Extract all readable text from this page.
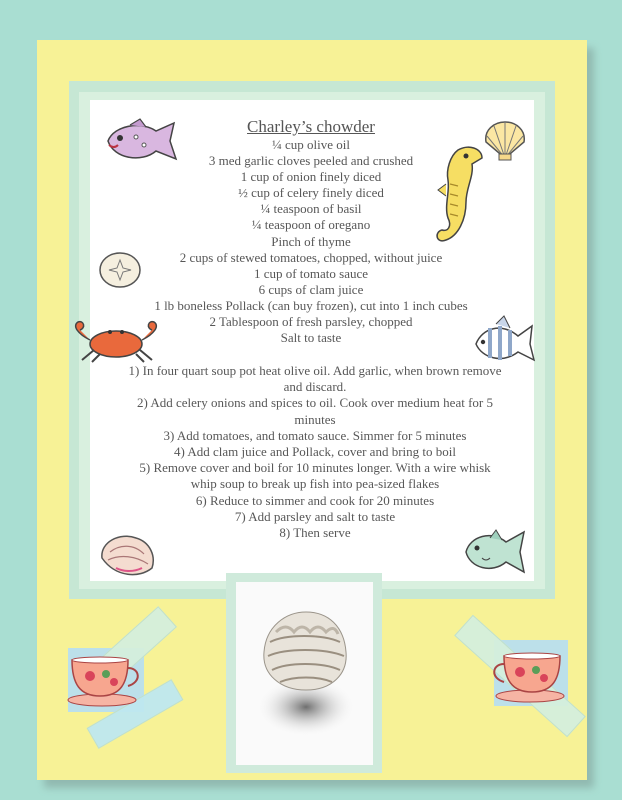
Charley’s chowder
¼ cup olive oil
3 med garlic cloves peeled and crushed
1 cup of onion finely diced
½ cup of celery finely diced
¼ teaspoon of basil
¼ teaspoon of oregano
Pinch of thyme
2 cups of stewed tomatoes, chopped, without juice
1 cup of tomato sauce
6 cups of clam juice
1 lb boneless Pollack (can buy frozen), cut into 1 inch cubes
2 Tablespoon of fresh parsley, chopped
Salt to taste

1) In four quart soup pot heat olive oil. Add garlic, when brown remove and discard.

2) Add celery onions and spices to oil. Cook over medium heat for 5 minutes

3) Add tomatoes, and tomato sauce. Simmer for 5 minutes

4) Add clam juice and Pollack, cover and bring to boil

5) Remove cover and boil for 10 minutes longer. With a wire whisk whip soup to break up fish into pea-sized flakes

6) Reduce to simmer and cook for 20 minutes

7) Add parsley and salt to taste

8) Then serve
